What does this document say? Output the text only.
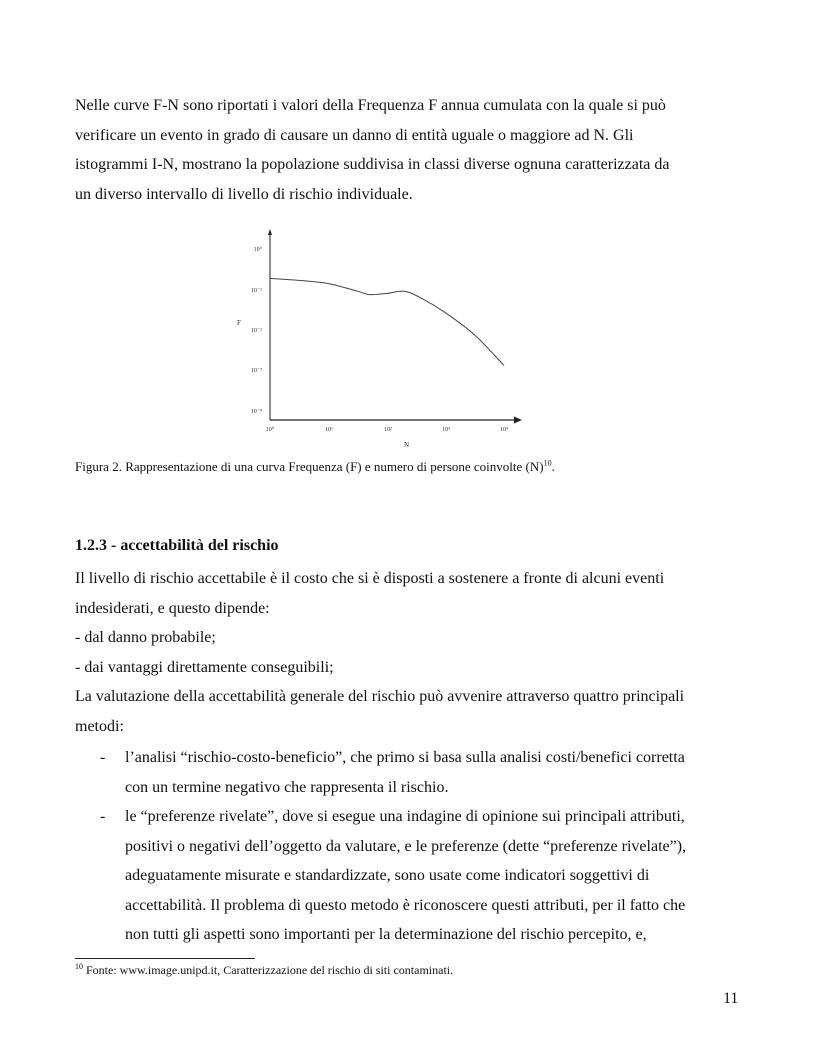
Nelle curve F-N sono riportati i valori della Frequenza F annua cumulata con la quale si può
verificare un evento in grado di causare un danno di entità uguale o maggiore ad N. Gli
istogrammi I-N, mostrano la popolazione suddivisa in classi diverse ognuna caratterizzata da
un diverso intervallo di livello di rischio individuale.
10⁰
10⁻¹
10⁻²
10⁻³
10⁻⁴
10⁰	10¹	10²	10³	10⁴
F
N
Figura 2. Rappresentazione di una curva Frequenza (F) e numero di persone coinvolte $(N)^{10}$.
1.2.3 - accettabilità del rischio
Il livello di rischio accettabile è il costo che si è disposti a sostenere a fronte di alcuni eventi
indesiderati, e questo dipende:
- dal danno probabile;
- dai vantaggi direttamente conseguibili;
La valutazione della accettabilità generale del rischio può avvenire attraverso quattro principali
metodi:
- l’analisi “rischio-costo-beneficio”, che primo si basa sulla analisi costi/benefici corretta
con un termine negativo che rappresenta il rischio.
- le “preferenze rivelate”, dove si esegue una indagine di opinione sui principali attributi,
positivi o negativi dell’oggetto da valutare, e le preferenze (dette “preferenze rivelate”),
adeguatamente misurate e standardizzate, sono usate come indicatori soggettivi di
accettabilità. Il problema di questo metodo è riconoscere questi attributi, per il fatto che
non tutti gli aspetti sono importanti per la determinazione del rischio percepito, e,
$^{10}$ Fonte: www.image.unipd.it, Caratterizzazione del rischio di siti contaminati.
11
